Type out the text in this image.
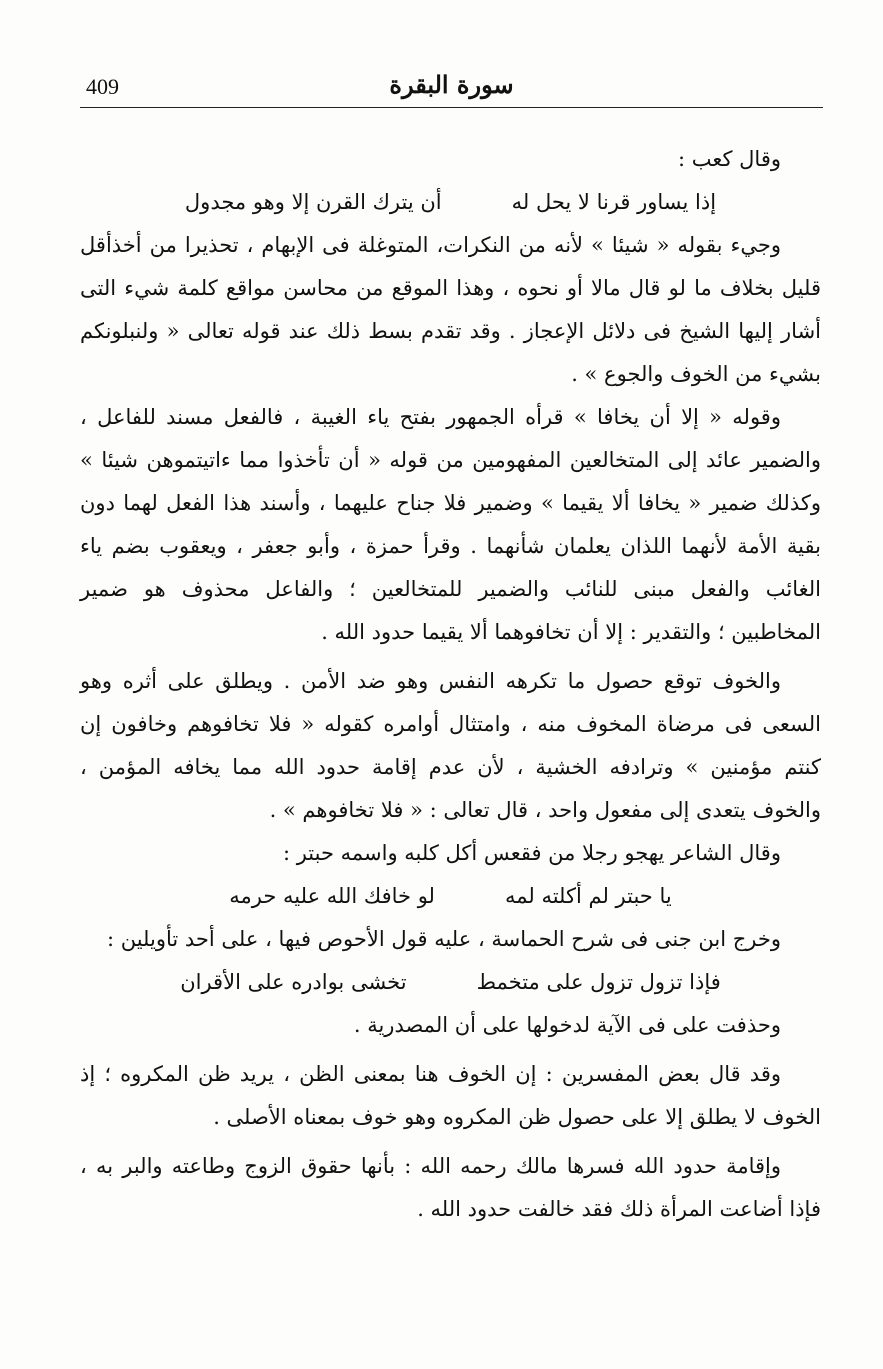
409	سورة البقرة

وقال كعب :

إذا يساور قرنا لا يحل له
أن يترك القرن إلا وهو مجدول

وجيء بقوله « شيئا » لأنه من النكرات، المتوغلة فى الإبهام ، تحذيرا من أخذأقل قليل بخلاف ما لو قال مالا أو نحوه ، وهذا الموقع من محاسن مواقع كلمة شيء التى أشار إليها الشيخ فى دلائل الإعجاز . وقد تقدم بسط ذلك عند قوله تعالى « ولنبلونكم بشيء من الخوف والجوع » .

وقوله « إلا أن يخافا » قرأه الجمهور بفتح ياء الغيبة ، فالفعل مسند للفاعل ، والضمير عائد إلى المتخالعين المفهومين من قوله « أن تأخذوا مما ءاتيتموهن شيئا » وكذلك ضمير « يخافا ألا يقيما » وضمير فلا جناح عليهما ، وأسند هذا الفعل لهما دون بقية الأمة لأنهما اللذان يعلمان شأنهما . وقرأ حمزة ، وأبو جعفر ، ويعقوب بضم ياء الغائب والفعل مبنى للنائب والضمير للمتخالعين ؛ والفاعل محذوف هو ضمير المخاطبين ؛ والتقدير : إلا أن تخافوهما ألا يقيما حدود الله .

والخوف توقع حصول ما تكرهه النفس وهو ضد الأمن . ويطلق على أثره وهو السعى فى مرضاة المخوف منه ، وامتثال أوامره كقوله « فلا تخافوهم وخافون إن كنتم مؤمنين » وترادفه الخشية ، لأن عدم إقامة حدود الله مما يخافه المؤمن ، والخوف يتعدى إلى مفعول واحد ، قال تعالى : « فلا تخافوهم » .

وقال الشاعر يهجو رجلا من فقعس أكل كلبه واسمه حبتر :

يا حبتر لم أكلته لمه
لو خافك الله عليه حرمه

وخرج ابن جنى فى شرح الحماسة ، عليه قول الأحوص فيها ، على أحد تأويلين :

فإذا تزول تزول على متخمط
تخشى بوادره على الأقران

وحذفت على فى الآية لدخولها على أن المصدرية .

وقد قال بعض المفسرين : إن الخوف هنا بمعنى الظن ، يريد ظن المكروه ؛ إذ الخوف لا يطلق إلا على حصول ظن المكروه وهو خوف بمعناه الأصلى .

وإقامة حدود الله فسرها مالك رحمه الله : بأنها حقوق الزوج وطاعته والبر به ، فإذا أضاعت المرأة ذلك فقد خالفت حدود الله .
